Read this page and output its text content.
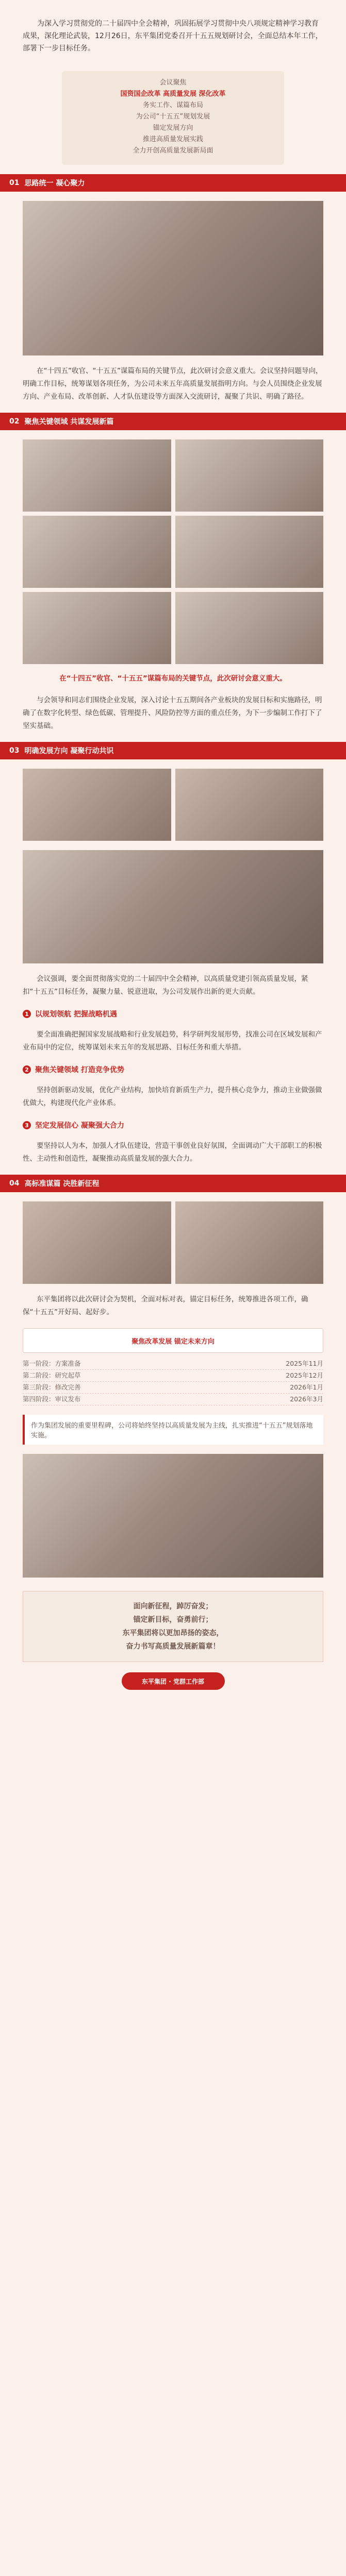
为深入学习贯彻党的二十届四中全会精神，巩固拓展学习贯彻中央八项规定精神学习教育成果，深化理论武装，12月26日，东平集团党委召开十五五规划研讨会，全面总结本年工作，部署下一步目标任务。
会议聚焦
国资国企改革 高质量发展 深化改革
务实工作、谋篇布局
为公司“十五五”规划发展
锚定发展方向
推进高质量发展实践
全力开创高质量发展新局面
01 思路统一 凝心聚力
在“十四五”收官、“十五五”谋篇布局的关键节点，此次研讨会意义重大。会议坚持问题导向，明确工作目标，统筹谋划各项任务，为公司未来五年高质量发展指明方向。与会人员围绕企业发展方向、产业布局、改革创新、人才队伍建设等方面深入交流研讨，凝聚了共识、明确了路径。
02 聚焦关键领域 共谋发展新篇
在“十四五”收官、“十五五”谋篇布局的关键节点，此次研讨会意义重大。
与会领导和同志们围绕企业发展，深入讨论十五五期间各产业板块的发展目标和实施路径，明确了在数字化转型、绿色低碳、管理提升、风险防控等方面的重点任务，为下一步编制工作打下了坚实基础。
03 明确发展方向 凝聚行动共识
会议强调，要全面贯彻落实党的二十届四中全会精神，以高质量党建引领高质量发展，紧扣“十五五”目标任务，凝聚力量、锐意进取，为公司发展作出新的更大贡献。
1 以规划领航 把握战略机遇
要全面准确把握国家发展战略和行业发展趋势，科学研判发展形势，找准公司在区域发展和产业布局中的定位，统筹谋划未来五年的发展思路、目标任务和重大举措。
2 聚焦关键领域 打造竞争优势
坚持创新驱动发展，优化产业结构，加快培育新质生产力，提升核心竞争力，推动主业做强做优做大，构建现代化产业体系。
3 坚定发展信心 凝聚强大合力
要坚持以人为本，加强人才队伍建设，营造干事创业良好氛围，全面调动广大干部职工的积极性、主动性和创造性，凝聚推动高质量发展的强大合力。
04 高标准谋篇 决胜新征程
东平集团将以此次研讨会为契机，全面对标对表，锚定目标任务，统筹推进各项工作，确保“十五五”开好局、起好步。
聚焦改革发展 锚定未来方向
第一阶段：方案准备	2025年11月
第二阶段：研究起草	2025年12月
第三阶段：修改完善	2026年1月
第四阶段：审议发布	2026年3月
作为集团发展的重要里程碑，公司将始终坚持以高质量发展为主线，扎实推进“十五五”规划落地实施。
面向新征程，踔厉奋发；
锚定新目标，奋勇前行；
东平集团将以更加昂扬的姿态，
奋力书写高质量发展新篇章！
东平集团 · 党群工作部
